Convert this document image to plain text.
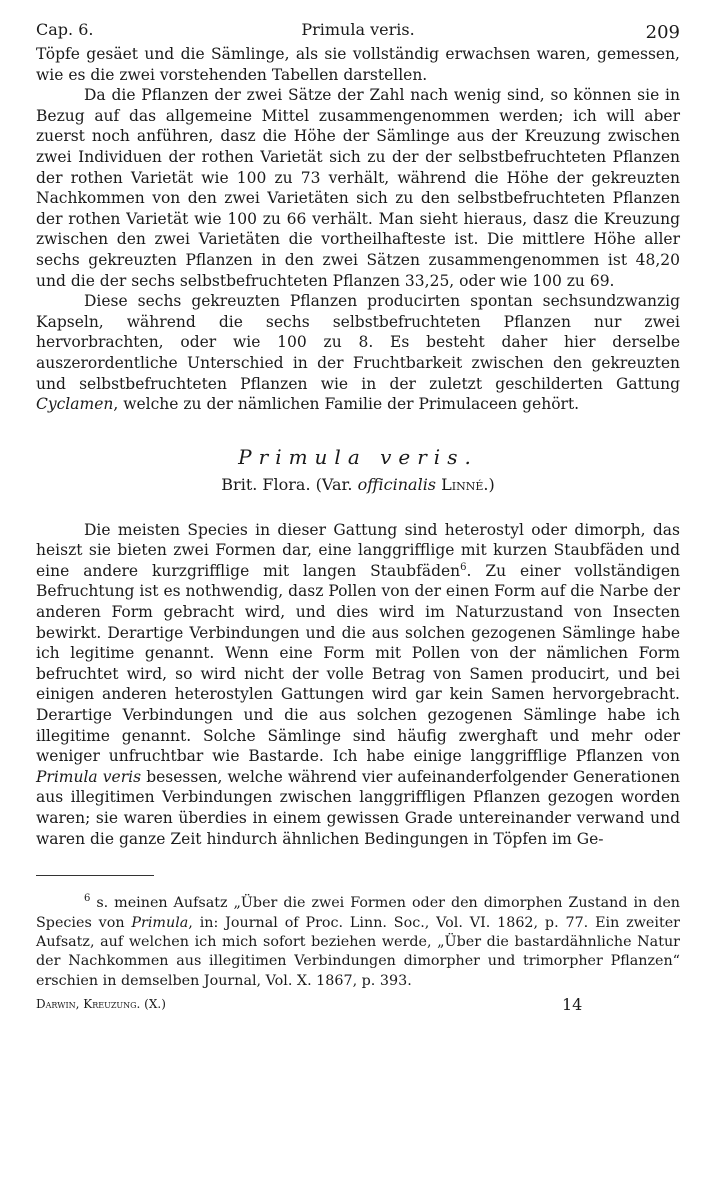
Cap. 6.	Primula veris.	209

Töpfe gesäet und die Sämlinge, als sie vollständig erwachsen waren, gemessen, wie es die zwei vorstehenden Tabellen darstellen.

Da die Pflanzen der zwei Sätze der Zahl nach wenig sind, so können sie in Bezug auf das allgemeine Mittel zusammengenommen werden; ich will aber zuerst noch anführen, dasz die Höhe der Sämlinge aus der Kreuzung zwischen zwei Individuen der rothen Varietät sich zu der der selbstbefruchteten Pflanzen der rothen Varietät wie 100 zu 73 verhält, während die Höhe der gekreuzten Nachkommen von den zwei Varietäten sich zu den selbstbefruchteten Pflanzen der rothen Varietät wie 100 zu 66 verhält. Man sieht hieraus, dasz die Kreuzung zwischen den zwei Varietäten die vortheilhafteste ist. Die mittlere Höhe aller sechs gekreuzten Pflanzen in den zwei Sätzen zusammengenommen ist 48,20 und die der sechs selbstbefruchteten Pflanzen 33,25, oder wie 100 zu 69.

Diese sechs gekreuzten Pflanzen producirten spontan sechsundzwanzig Kapseln, während die sechs selbstbefruchteten Pflanzen nur zwei hervorbrachten, oder wie 100 zu 8. Es besteht daher hier derselbe auszerordentliche Unterschied in der Fruchtbarkeit zwischen den gekreuzten und selbstbefruchteten Pflanzen wie in der zuletzt geschilderten Gattung Cyclamen, welche zu der nämlichen Familie der Primulaceen gehört.

Primula veris.
Brit. Flora. (Var. officinalis Linné.)

Die meisten Species in dieser Gattung sind heterostyl oder dimorph, das heiszt sie bieten zwei Formen dar, eine langgrifflige mit kurzen Staubfäden und eine andere kurzgrifflige mit langen Staubfäden$^6$. Zu einer vollständigen Befruchtung ist es nothwendig, dasz Pollen von der einen Form auf die Narbe der anderen Form gebracht wird, und dies wird im Naturzustand von Insecten bewirkt. Derartige Verbindungen und die aus solchen gezogenen Sämlinge habe ich legitime genannt. Wenn eine Form mit Pollen von der nämlichen Form befruchtet wird, so wird nicht der volle Betrag von Samen producirt, und bei einigen anderen heterostylen Gattungen wird gar kein Samen hervorgebracht. Derartige Verbindungen und die aus solchen gezogenen Sämlinge habe ich illegitime genannt. Solche Sämlinge sind häufig zwerghaft und mehr oder weniger unfruchtbar wie Bastarde. Ich habe einige langgrifflige Pflanzen von Primula veris besessen, welche während vier aufeinanderfolgender Generationen aus illegitimen Verbindungen zwischen langgriffligen Pflanzen gezogen worden waren; sie waren überdies in einem gewissen Grade untereinander verwand und waren die ganze Zeit hindurch ähnlichen Bedingungen in Töpfen im Ge-

$^6$ s. meinen Aufsatz „Über die zwei Formen oder den dimorphen Zustand in den Species von Primula, in: Journal of Proc. Linn. Soc., Vol. VI. 1862, p. 77. Ein zweiter Aufsatz, auf welchen ich mich sofort beziehen werde, „Über die bastardähnliche Natur der Nachkommen aus illegitimen Verbindungen dimorpher und trimorpher Pflanzen“ erschien in demselben Journal, Vol. X. 1867, p. 393.

Darwin, Kreuzung. (X.)	14
